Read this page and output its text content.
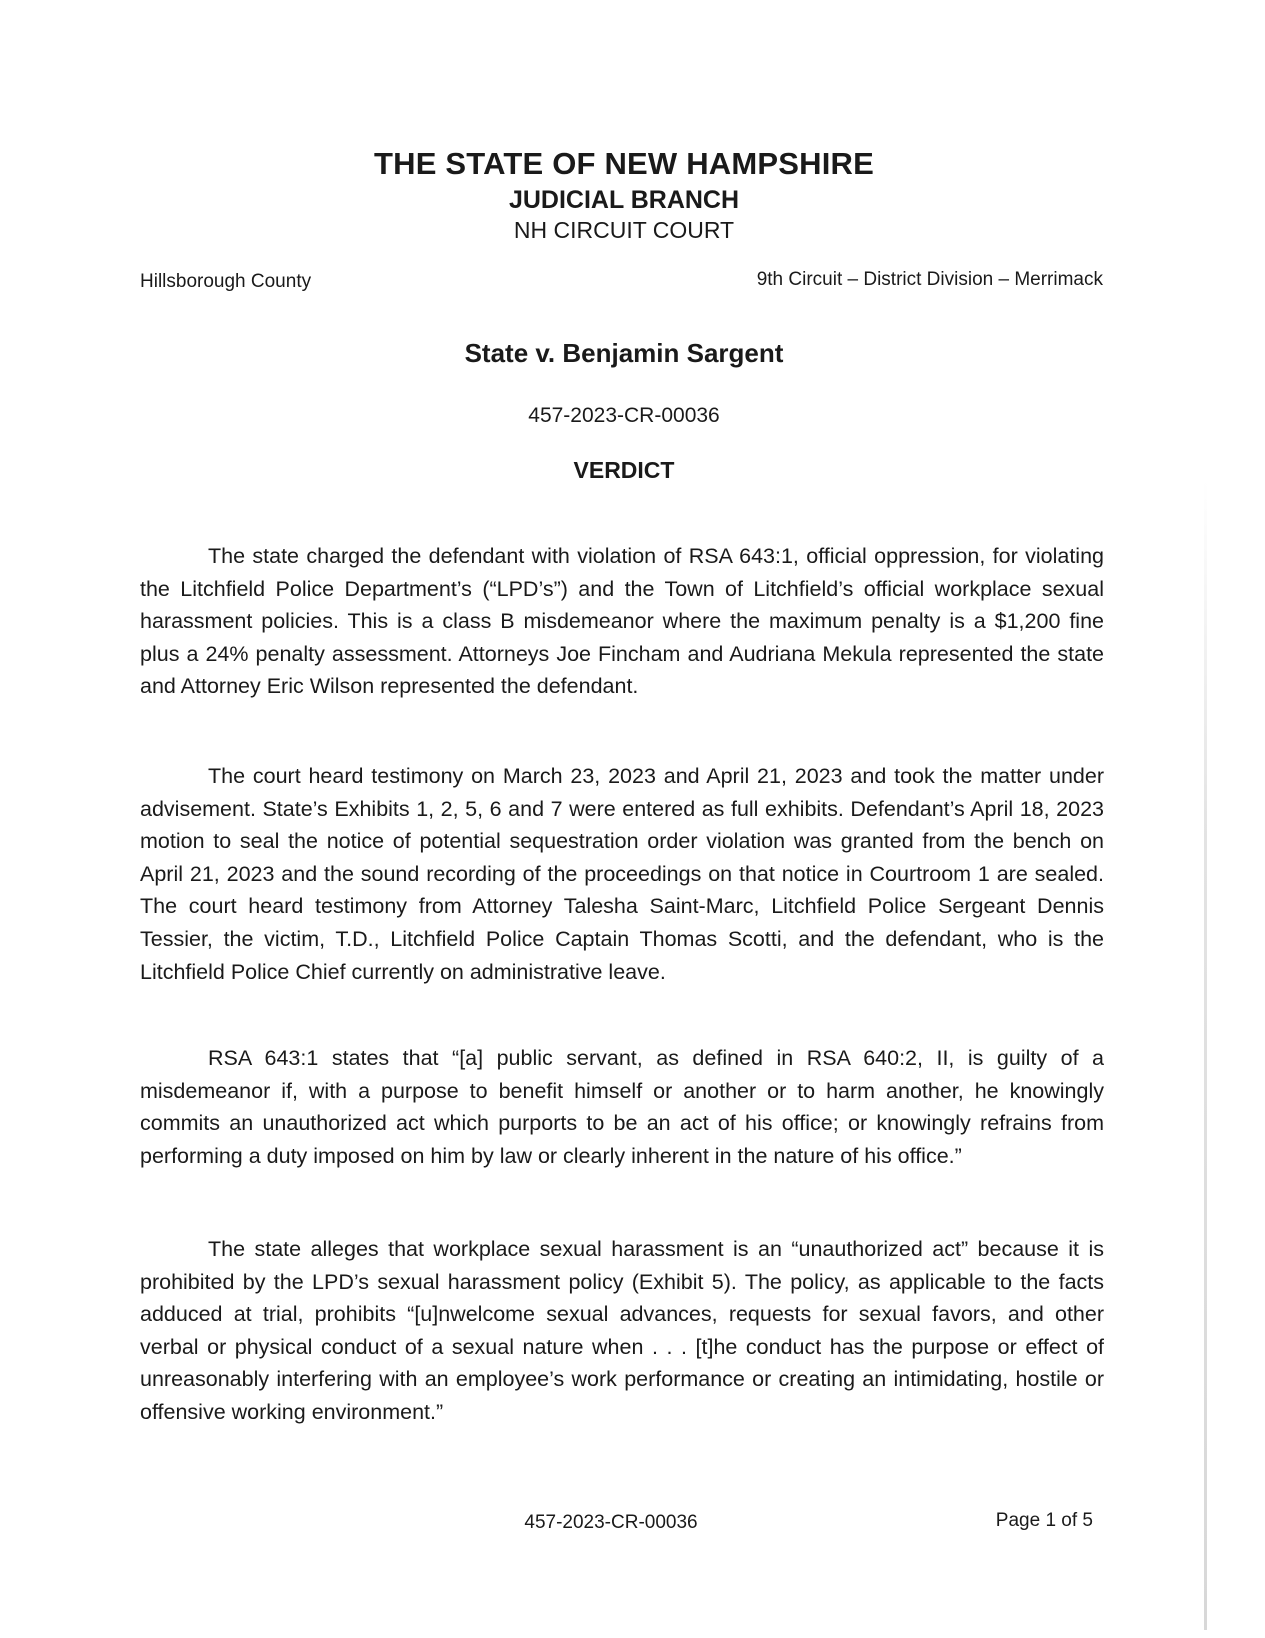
THE STATE OF NEW HAMPSHIRE
JUDICIAL BRANCH
NH CIRCUIT COURT
Hillsborough County	9th Circuit – District Division – Merrimack
State v. Benjamin Sargent
457-2023-CR-00036
VERDICT

The state charged the defendant with violation of RSA 643:1, official oppression, for violating the Litchfield Police Department’s (“LPD’s”) and the Town of Litchfield’s official workplace sexual harassment policies. This is a class B misdemeanor where the maximum penalty is a $1,200 fine plus a 24% penalty assessment. Attorneys Joe Fincham and Audriana Mekula represented the state and Attorney Eric Wilson represented the defendant.

The court heard testimony on March 23, 2023 and April 21, 2023 and took the matter under advisement. State’s Exhibits 1, 2, 5, 6 and 7 were entered as full exhibits. Defendant’s April 18, 2023 motion to seal the notice of potential sequestration order violation was granted from the bench on April 21, 2023 and the sound recording of the proceedings on that notice in Courtroom 1 are sealed. The court heard testimony from Attorney Talesha Saint-Marc, Litchfield Police Sergeant Dennis Tessier, the victim, T.D., Litchfield Police Captain Thomas Scotti, and the defendant, who is the Litchfield Police Chief currently on administrative leave.

RSA 643:1 states that “[a] public servant, as defined in RSA 640:2, II, is guilty of a misdemeanor if, with a purpose to benefit himself or another or to harm another, he knowingly commits an unauthorized act which purports to be an act of his office; or knowingly refrains from performing a duty imposed on him by law or clearly inherent in the nature of his office.”

The state alleges that workplace sexual harassment is an “unauthorized act” because it is prohibited by the LPD’s sexual harassment policy (Exhibit 5). The policy, as applicable to the facts adduced at trial, prohibits “[u]nwelcome sexual advances, requests for sexual favors, and other verbal or physical conduct of a sexual nature when . . . [t]he conduct has the purpose or effect of unreasonably interfering with an employee’s work performance or creating an intimidating, hostile or offensive working environment.”

457-2023-CR-00036	Page 1 of 5
